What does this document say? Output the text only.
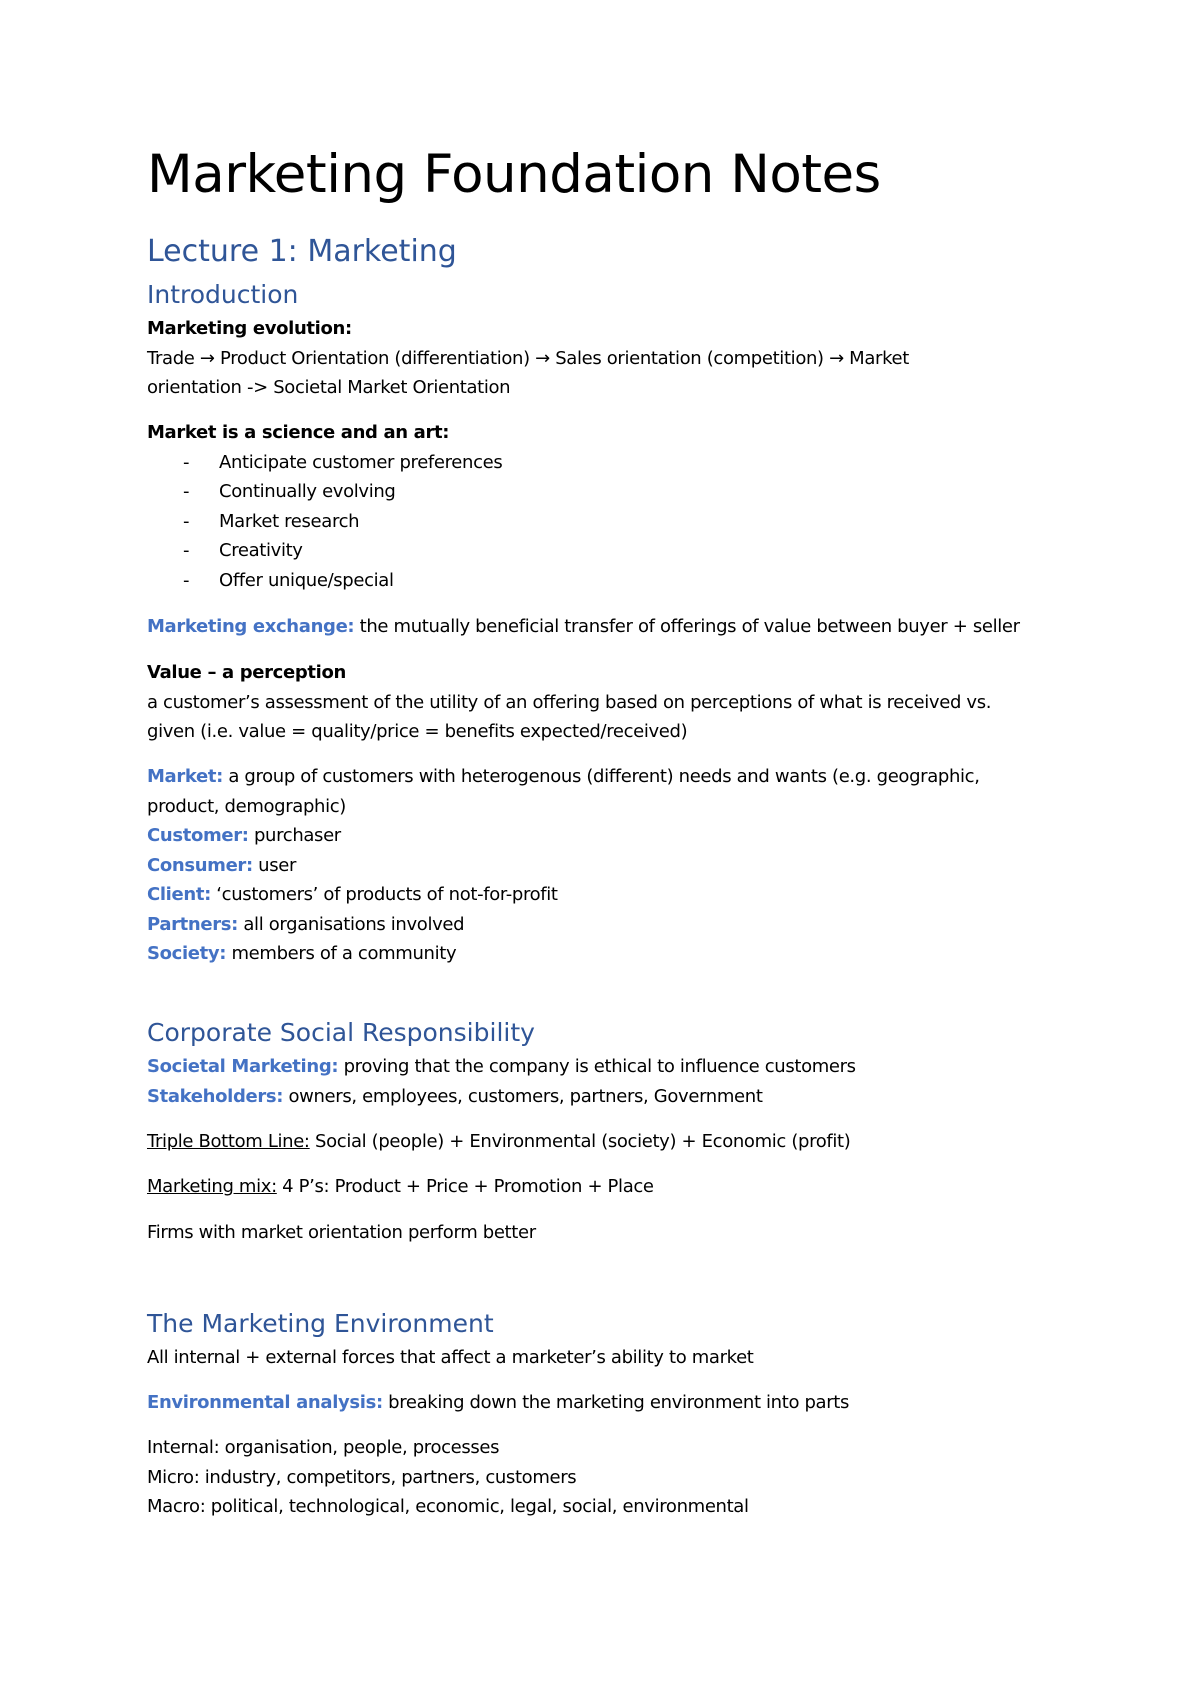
Marketing Foundation Notes
Lecture 1: Marketing
Introduction
Marketing evolution:
Trade → Product Orientation (differentiation) → Sales orientation (competition) → Market
orientation -> Societal Market Orientation
Market is a science and an art:
- Anticipate customer preferences
- Continually evolving
- Market research
- Creativity
- Offer unique/special
Marketing exchange: the mutually beneficial transfer of offerings of value between buyer + seller
Value – a perception
a customer’s assessment of the utility of an offering based on perceptions of what is received vs.
given (i.e. value = quality/price = benefits expected/received)
Market: a group of customers with heterogenous (different) needs and wants (e.g. geographic,
product, demographic)
Customer: purchaser
Consumer: user
Client: ‘customers’ of products of not-for-profit
Partners: all organisations involved
Society: members of a community
Corporate Social Responsibility
Societal Marketing: proving that the company is ethical to influence customers
Stakeholders: owners, employees, customers, partners, Government
Triple Bottom Line: Social (people) + Environmental (society) + Economic (profit)
Marketing mix: 4 P’s: Product + Price + Promotion + Place
Firms with market orientation perform better
The Marketing Environment
All internal + external forces that affect a marketer’s ability to market
Environmental analysis: breaking down the marketing environment into parts
Internal: organisation, people, processes
Micro: industry, competitors, partners, customers
Macro: political, technological, economic, legal, social, environmental
